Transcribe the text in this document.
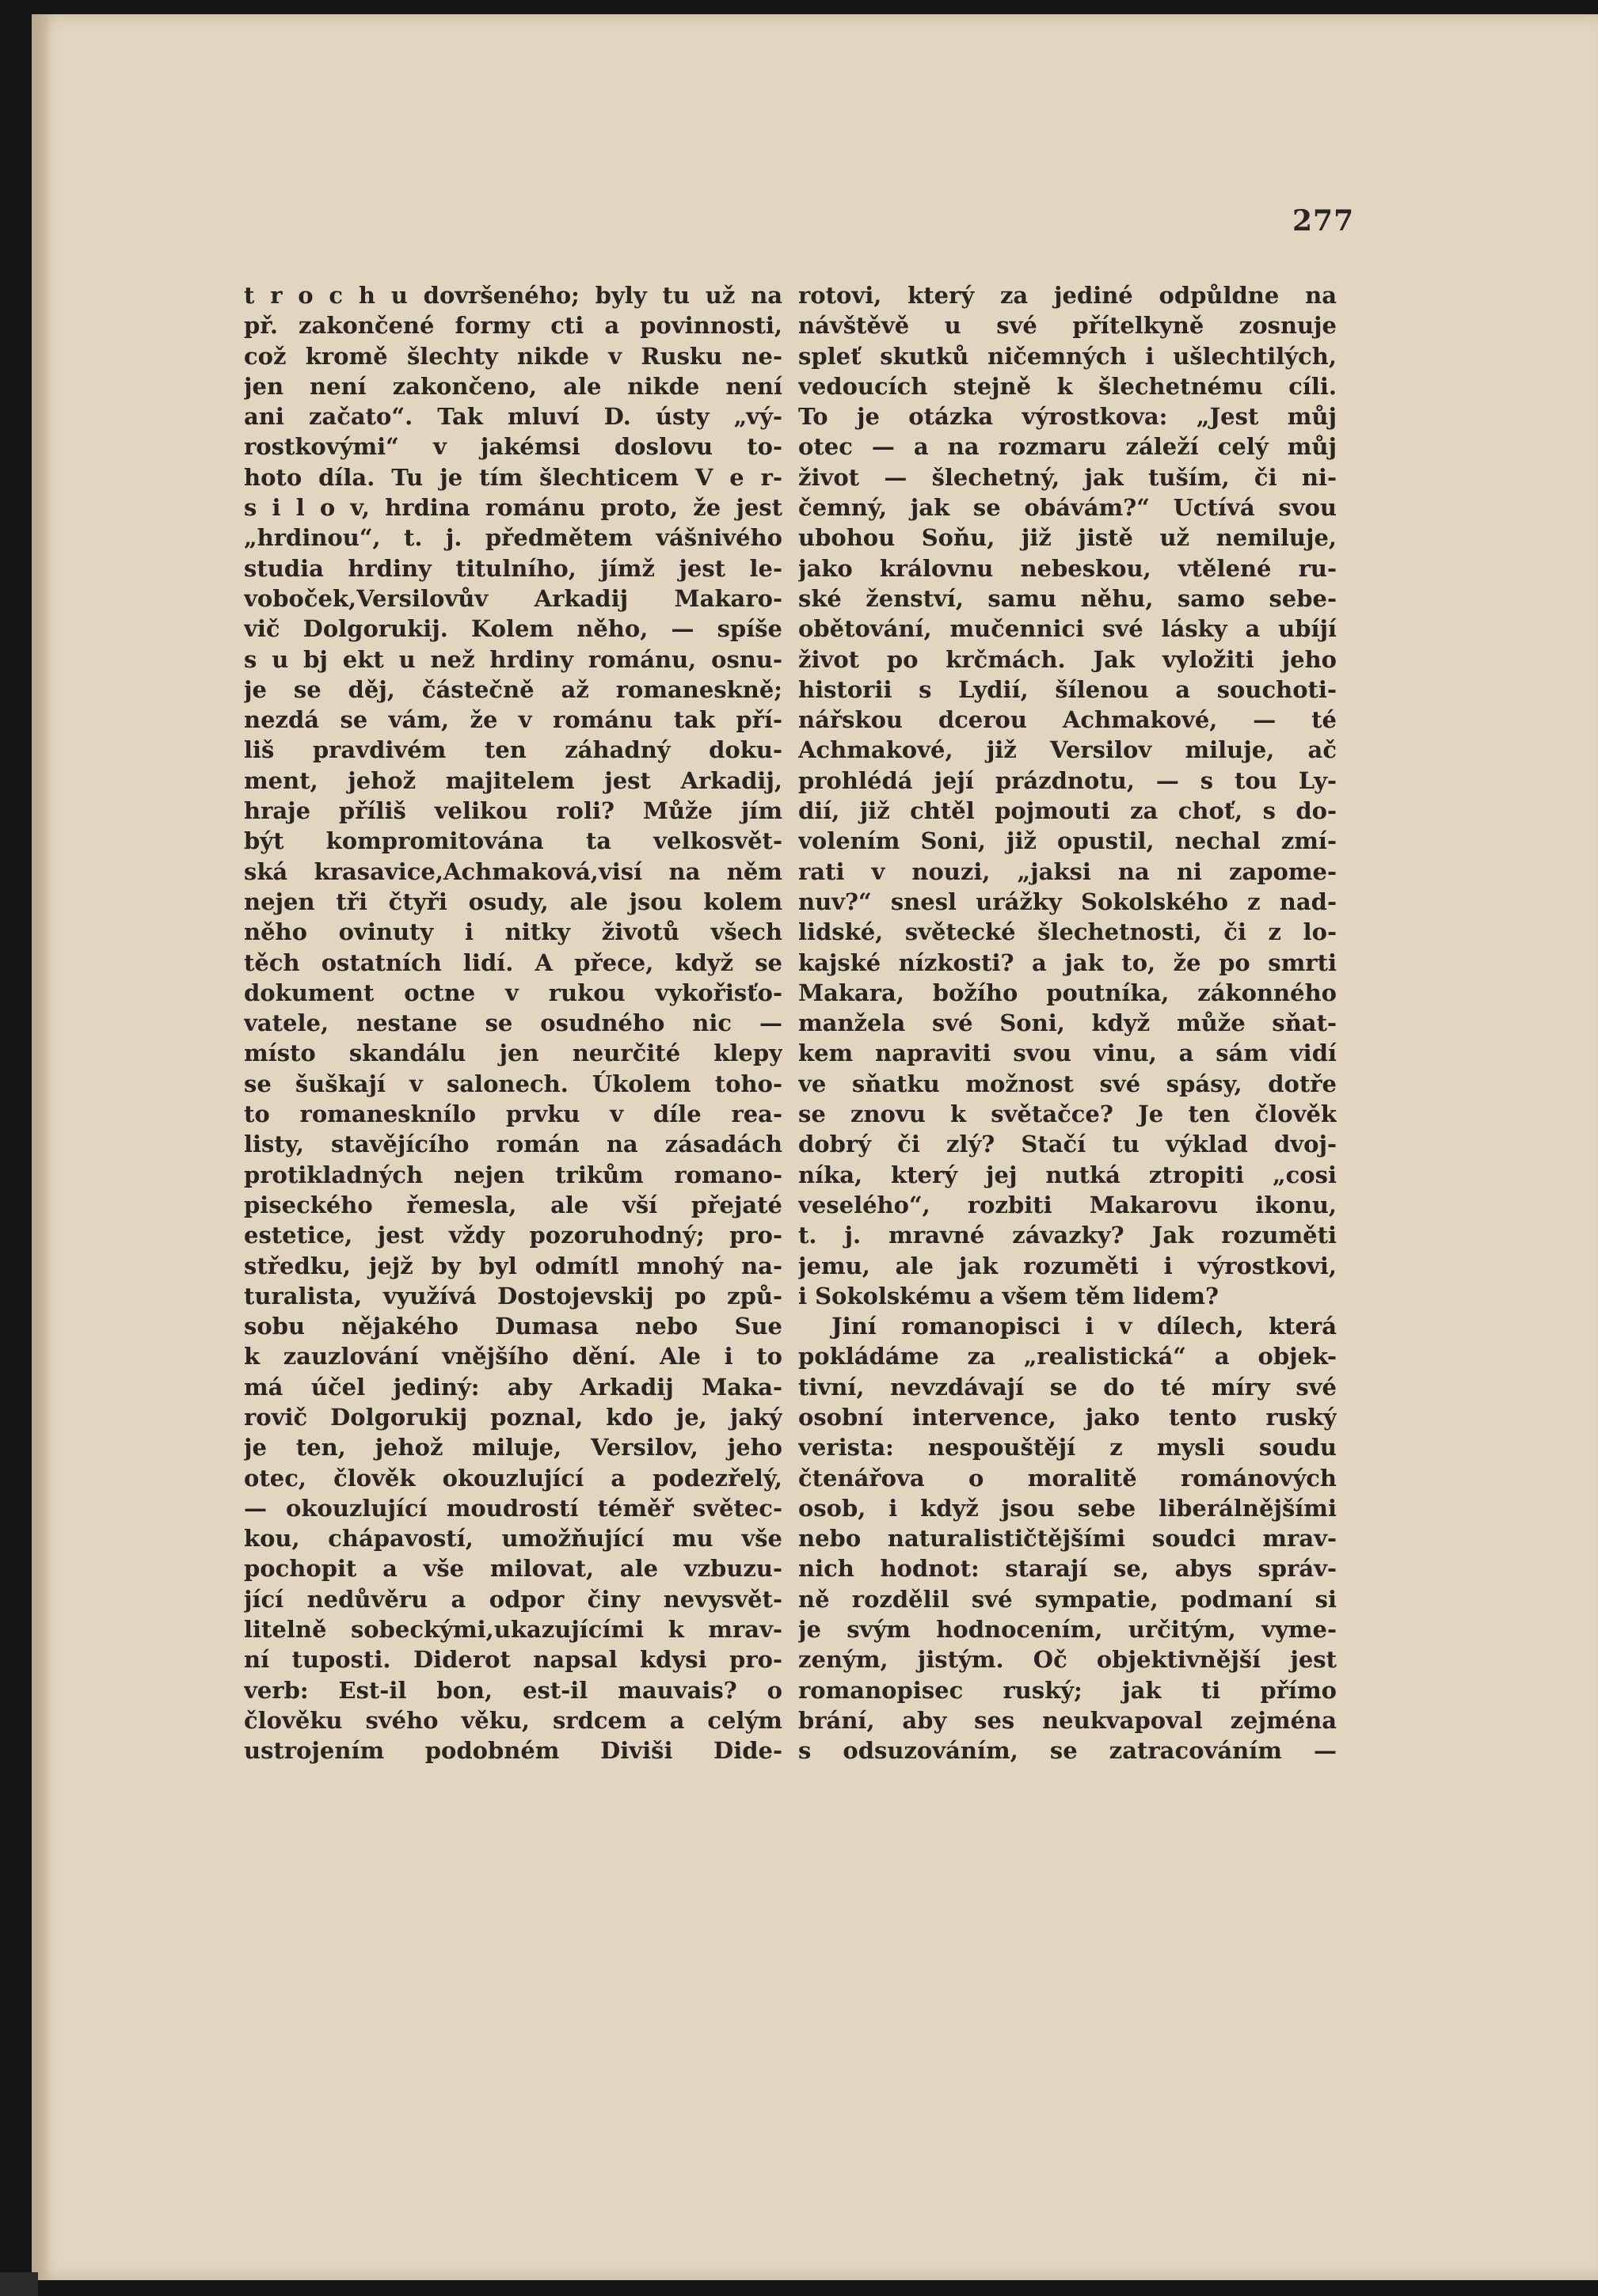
277
t r o c h u dovršeného; byly tu už na
př. zakončené formy cti a povinnosti,
což kromě šlechty nikde v Rusku ne-
jen není zakončeno, ale nikde není
ani začato“. Tak mluví D. ústy „vý-
rostkovými“ v jakémsi doslovu to-
hoto díla. Tu je tím šlechticem V e r-
s i l o v, hrdina románu proto, že jest
„hrdinou“, t. j. předmětem vášnivého
studia hrdiny titulního, jímž jest le-
voboček,Versilovův Arkadij Makaro-
vič Dolgorukij. Kolem něho, — spíše
s u bj ekt u než hrdiny románu, osnu-
je se děj, částečně až romaneskně;
nezdá se vám, že v románu tak pří-
liš pravdivém ten záhadný doku-
ment, jehož majitelem jest Arkadij,
hraje příliš velikou roli? Může jím
být kompromitována ta velkosvět-
ská krasavice,Achmaková,visí na něm
nejen tři čtyři osudy, ale jsou kolem
něho ovinuty i nitky životů všech
těch ostatních lidí. A přece, když se
dokument octne v rukou vykořisťo-
vatele, nestane se osudného nic —
místo skandálu jen neurčité klepy
se šuškají v salonech. Úkolem toho-
to romanesknílo prvku v díle rea-
listy, stavějícího román na zásadách
protikladných nejen trikům romano-
piseckého řemesla, ale vší přejaté
estetice, jest vždy pozoruhodný; pro-
středku, jejž by byl odmítl mnohý na-
turalista, využívá Dostojevskij po způ-
sobu nějakého Dumasa nebo Sue
k zauzlování vnějšího dění. Ale i to
má účel jediný: aby Arkadij Maka-
rovič Dolgorukij poznal, kdo je, jaký
je ten, jehož miluje, Versilov, jeho
otec, člověk okouzlující a podezřelý,
— okouzlující moudrostí téměř světec-
kou, chápavostí, umožňující mu vše
pochopit a vše milovat, ale vzbuzu-
jící nedůvěru a odpor činy nevysvět-
litelně sobeckými,ukazujícími k mrav-
ní tuposti. Diderot napsal kdysi pro-
verb: Est-il bon, est-il mauvais? o
člověku svého věku, srdcem a celým
ustrojením podobném Diviši Dide-
rotovi, který za jediné odpůldne na
návštěvě u své přítelkyně zosnuje
spleť skutků ničemných i ušlechtilých,
vedoucích stejně k šlechetnému cíli.
To je otázka výrostkova: „Jest můj
otec — a na rozmaru záleží celý můj
život — šlechetný, jak tuším, či ni-
čemný, jak se obávám?“ Uctívá svou
ubohou Soňu, již jistě už nemiluje,
jako královnu nebeskou, vtělené ru-
ské ženství, samu něhu, samo sebe-
obětování, mučennici své lásky a ubíjí
život po krčmách. Jak vyložiti jeho
historii s Lydií, šílenou a souchoti-
nářskou dcerou Achmakové, — té
Achmakové, již Versilov miluje, ač
prohlédá její prázdnotu, — s tou Ly-
dií, již chtěl pojmouti za choť, s do-
volením Soni, již opustil, nechal zmí-
rati v nouzi, „jaksi na ni zapome-
nuv?“ snesl urážky Sokolského z nad-
lidské, světecké šlechetnosti, či z lo-
kajské nízkosti? a jak to, že po smrti
Makara, božího poutníka, zákonného
manžela své Soni, když může sňat-
kem napraviti svou vinu, a sám vidí
ve sňatku možnost své spásy, dotře
se znovu k světačce? Je ten člověk
dobrý či zlý? Stačí tu výklad dvoj-
níka, který jej nutká ztropiti „cosi
veselého“, rozbiti Makarovu ikonu,
t. j. mravné závazky? Jak rozuměti
jemu, ale jak rozuměti i výrostkovi,
i Sokolskému a všem těm lidem?
Jiní romanopisci i v dílech, která
pokládáme za „realistická“ a objek-
tivní, nevzdávají se do té míry své
osobní intervence, jako tento ruský
verista: nespouštějí z mysli soudu
čtenářova o moralitě románových
osob, i když jsou sebe liberálnějšími
nebo naturalističtějšími soudci mrav-
nich hodnot: starají se, abys správ-
ně rozdělil své sympatie, podmaní si
je svým hodnocením, určitým, vyme-
zeným, jistým. Oč objektivnější jest
romanopisec ruský; jak ti přímo
brání, aby ses neukvapoval zejména
s odsuzováním, se zatracováním —
